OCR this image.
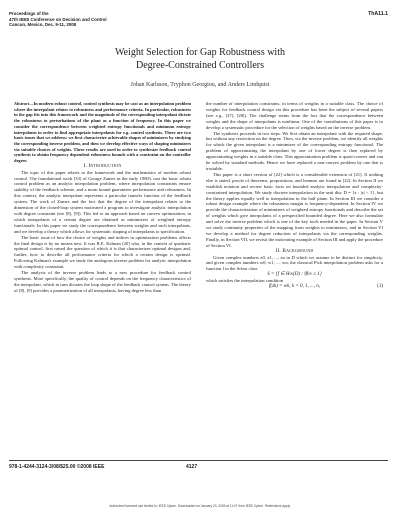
Proceedings of the
47th IEEE Conference on Decision and Control
Cancun, Mexico, Dec. 9-11, 2008
ThA11.1
Weight Selection for Gap Robustness with
Degree-Constrained Controllers
Johan Karlsson, Tryphon Georgiou, and Anders Lindquist

Abstract—In modern robust control, control synthesis may be cast as an interpolation problem where the interpolant relates to robustness and performance criteria. In particular, robustness in the gap fits into this framework and the magnitude of the corresponding interpolant dictate the robustness to perturbations of the plant as a function of frequency. In this paper we consider the correspondence between weighted entropy functionals and minimum entropy interpolants in order to find appropriate interpolants for e.g. control synthesis. There are two basic issues that we address: we first characterize achievable shapes of minimizers by studying the corresponding inverse problem, and then we develop effective ways of shaping minimizers via suitable choices of weights. These results are used in order to synthesize feedback control synthesis to obtain frequency dependent robustness bounds with a constraint on the controller degree.

I. Introduction

The topic of this paper relates to the framework and the mathematics of modern robust control. The foundational work [33] of George Zames in the early 1980's cast the basic robust control problem as an analytic interpolation problem, where interpolation constraints ensure stability of the feedback scheme, and a norm bound guarantees performance and robustness. In this context, the analytic interpolant represents a particular transfer function of the feedback system. The work of Zames and the fact that the degree of the interpolant relates to the dimension of the closed-loop system motivated a program to investigate analytic interpolation with degree constraint (see [8], [9]). This led to an approach based on convex optimization, in which interpolants of a certain degree are obtained as minimizers of weighted entropy functionals. In this paper we study the correspondence between weights and such interpolants, and we develop a theory which allows for systematic shaping of interpolants to specification.

The basic issue of how the choice of weights and indices in optimization problems affects the final design is by no means new. It was R.E. Kalman [20] who, in the context of quadratic optimal control, first raised the question of which it is that characterizes optimal designs and, further, how to describe all performance criteria for which a certain design is optimal. Following Kalman's example we study the analogous inverse problem for analytic interpolation with complexity constraint.

The analysis of the inverse problem leads to a new procedure for feedback control synthesis. More specifically, the quality of control depends on the frequency characteristics of the interpolant, which in turn dictates the loop shape of the feedback control system. The theory of [8], [9] provides a parametrization of all interpolants, having degree less than

the number of interpolation constraints, in terms of weights in a suitable class. The choice of weights for feedback control design via this procedure has been the subject of several papers (see e.g., [27], [28]). The challenge stems from the fact that the correspondence between weights and the shape of interpolants is nonlinear. One of the contributions of this paper is to develop a systematic procedure for the selection of weights based on the inverse problem.

The synthesis proceeds in two steps. We first obtain an interpolant with the required shape, but without any restriction on the degree. Then, via the inverse problem, we identify all weights for which the given interpolant is a minimizer of the corresponding entropy functional. The problem of approximating the interpolant by one of lower degree is then replaced by approximating weights in a suitable class. This approximation problem is quasi-convex and can be solved by standard methods. Hence we have replaced a non-convex problem by one that is tractable.

This paper is a short version of [22] which is a considerable extension of [21]. If nothing else is stated, proofs of theorems, propositions, and lemmas are found in [22]. In Section II we establish notation and review basic facts on bounded analytic interpolation and complexity-constrained interpolation. We study discrete interpolation in the unit disc D = {z : |z| < 1}, but the theory applies equally well to interpolation in the half plane. In Section III we consider a robust design example where the robustness margin is frequency-dependent. In Section IV we provide the characterization of minimizers of weighted entropy functionals and describe the set of weights which give interpolants of a prespecified bounded degree. Here we also formulate and solve the inverse problem which is one of the key tools needed in the paper. In Section V we study continuity properties of the mapping from weights to minimizers, and in Section VI we develop a method for degree reduction of interpolants via the corresponding weights. Finally, in Section VII, we revisit the motivating example of Section III and apply the procedure of Section VI.

II. Background

Given complex numbers z0, z1, ..., zn in D which we assume to be distinct for simplicity, and given complex numbers w0, w1, ..., wn, the classical Pick interpolation problem asks for a function f in the Schur class

S = {f ∈ H∞(D) : ‖f‖∞ ≤ 1}

which satisfies the interpolation condition

f(zk) = wk, k = 0, 1, ..., n,	(1)

978-1-4244-3124-3/08/$25.00 ©2008 IEEE	4127
Authorized licensed use limited to: IEEE Xplore. Downloaded on January 20, 2009 at 11:07 from IEEE Xplore. Restrictions apply.
